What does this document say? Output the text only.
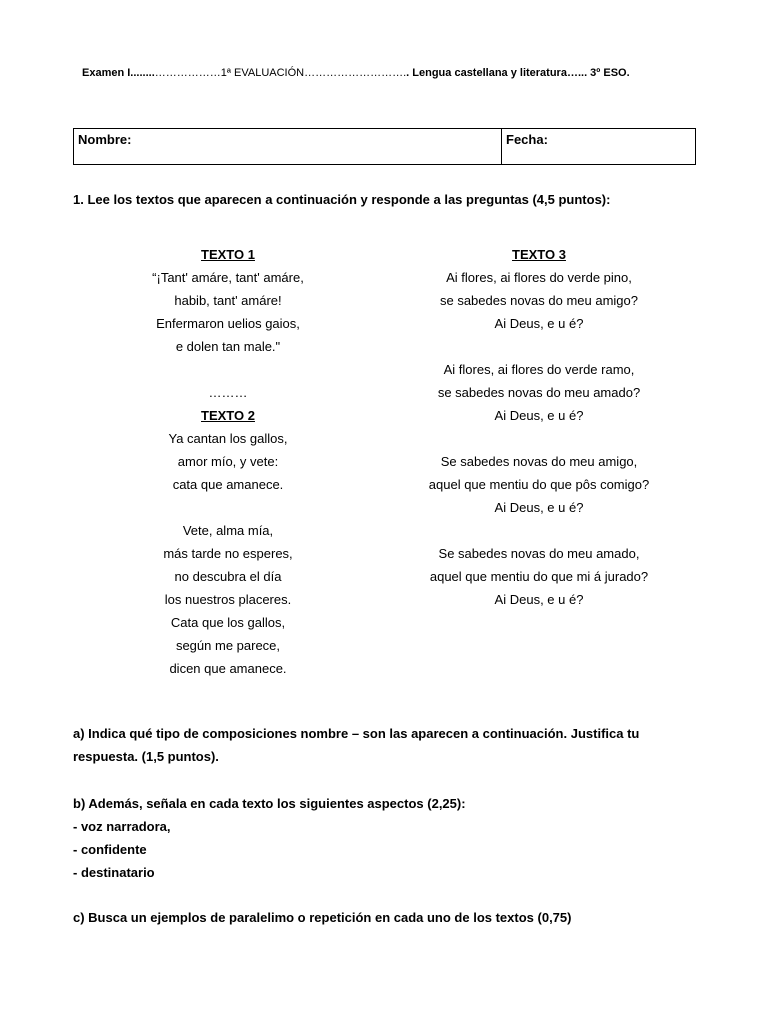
Examen I........………………1ª EVALUACIÓN……………………….. Lengua castellana y literatura…... 3º ESO.
Nombre:	Fecha:
1. Lee los textos que aparecen a continuación y responde a las preguntas (4,5 puntos):
TEXTO 1
“¡Tant' amáre, tant' amáre,
habib, tant' amáre!
Enfermaron uelios gaios,
e dolen tan male."
………
TEXTO 2
Ya cantan los gallos,
amor mío, y vete:
cata que amanece.
Vete, alma mía,
más tarde no esperes,
no descubra el día
los nuestros placeres.
Cata que los gallos,
según me parece,
dicen que amanece.
TEXTO 3
Ai flores, ai flores do verde pino,
se sabedes novas do meu amigo?
Ai Deus, e u é?
Ai flores, ai flores do verde ramo,
se sabedes novas do meu amado?
Ai Deus, e u é?
Se sabedes novas do meu amigo,
aquel que mentiu do que pôs comigo?
Ai Deus, e u é?
Se sabedes novas do meu amado,
aquel que mentiu do que mi á jurado?
Ai Deus, e u é?
a) Indica qué tipo de composiciones nombre – son las aparecen a continuación. Justifica tu respuesta. (1,5 puntos).
b) Además, señala en cada texto los siguientes aspectos (2,25):
- voz narradora,
- confidente
- destinatario
c) Busca un ejemplos de paralelimo o repetición en cada uno de los textos (0,75)
